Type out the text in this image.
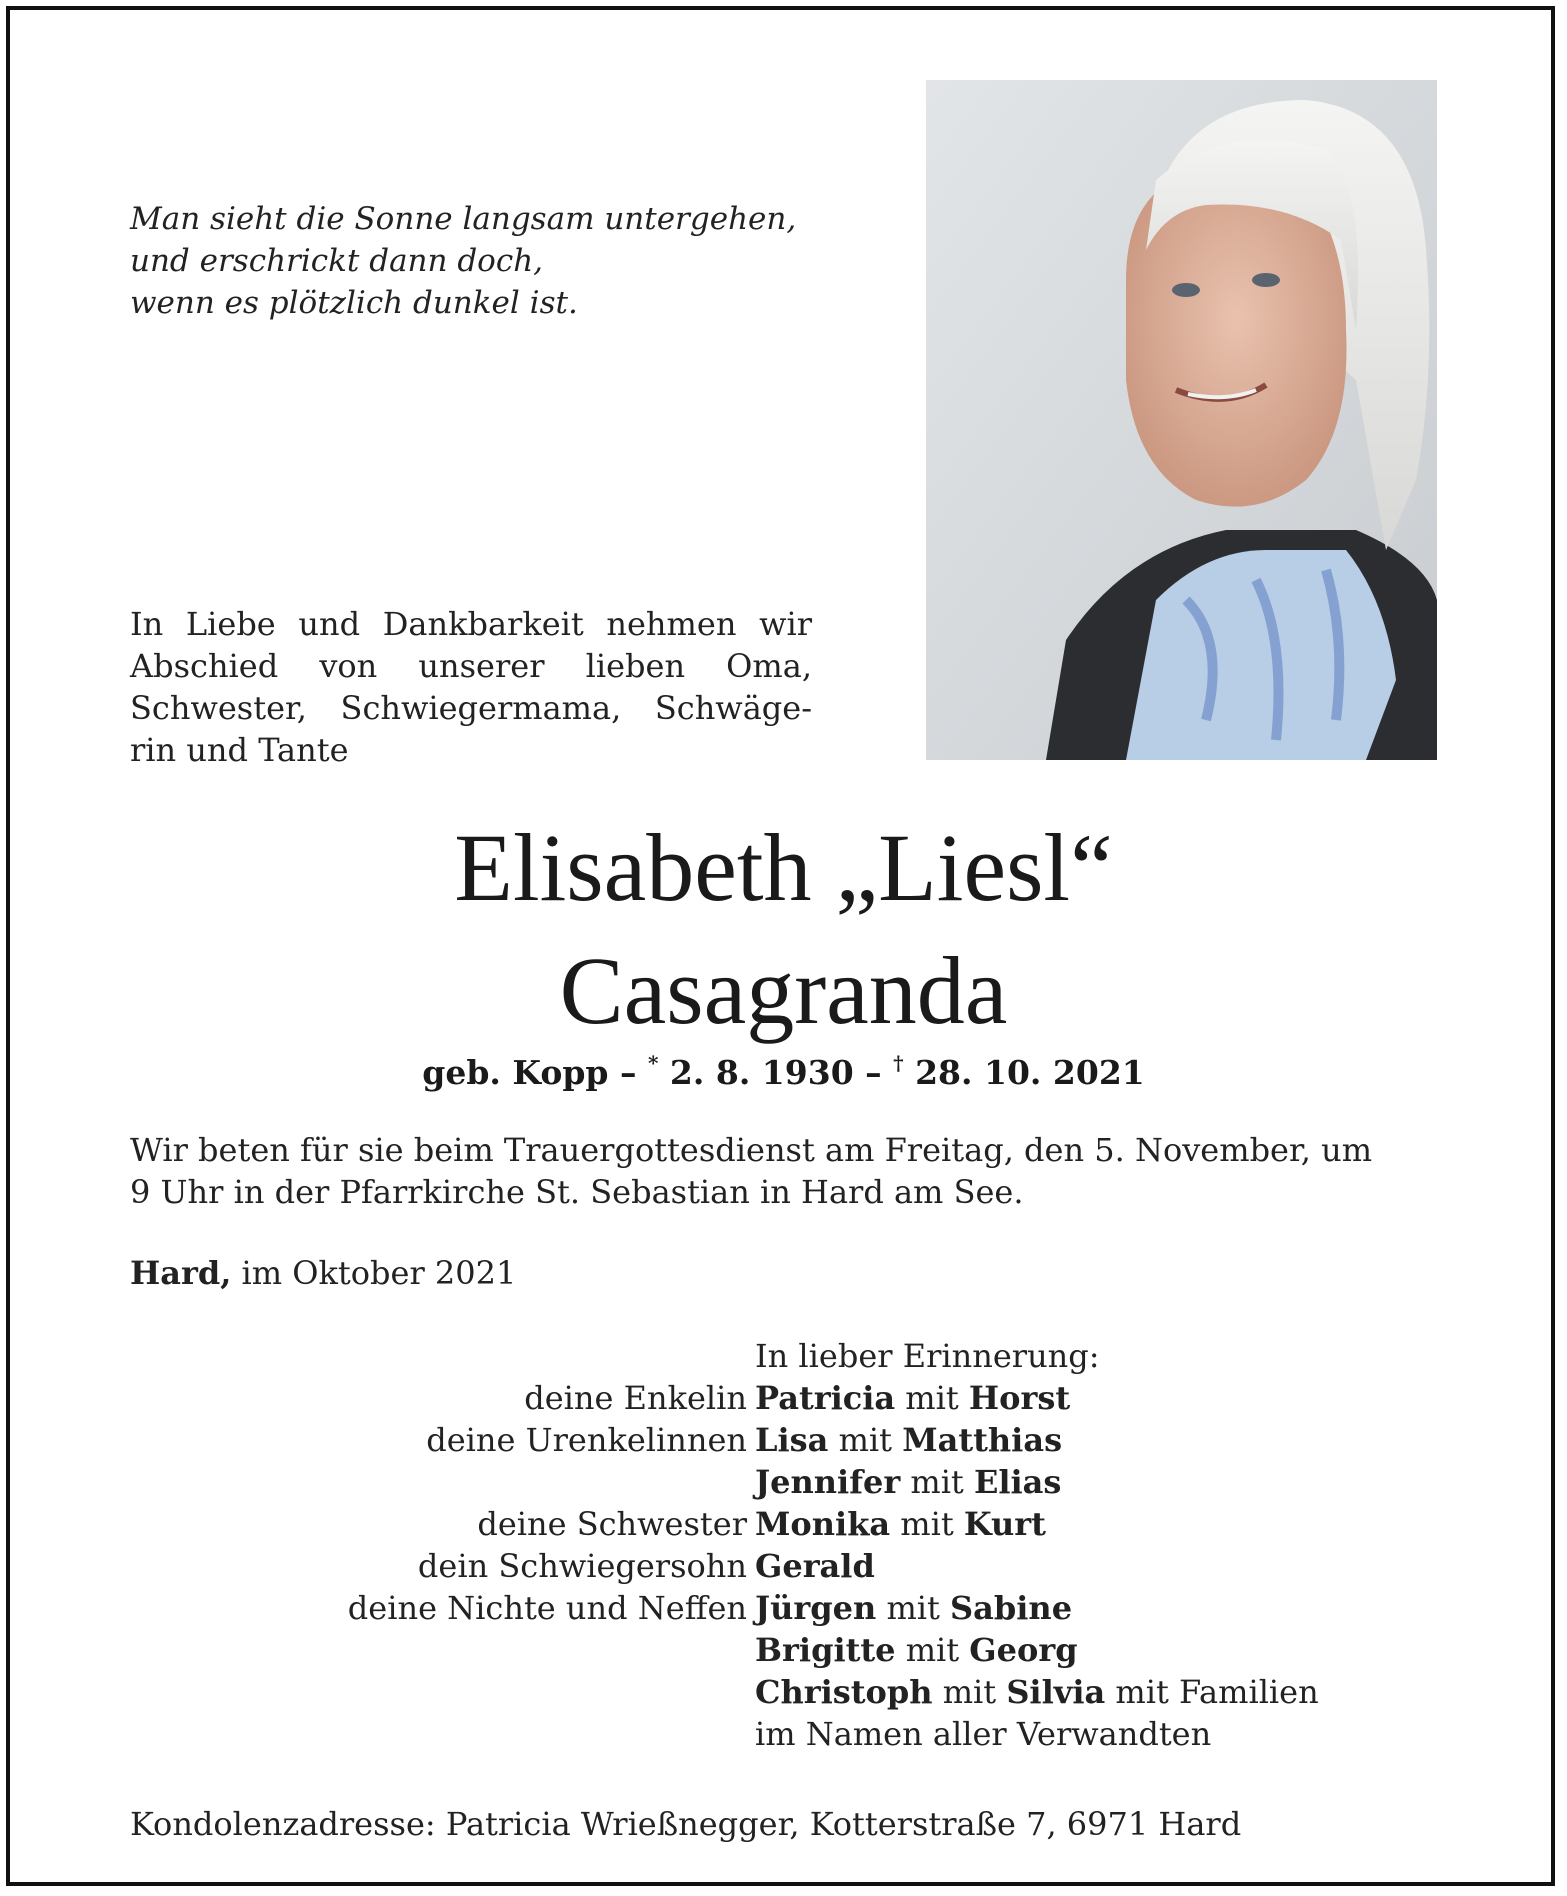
Man sieht die Sonne langsam untergehen,
und erschrickt dann doch,
wenn es plötzlich dunkel ist.
In Liebe und Dankbarkeit nehmen wir
Abschied von unserer lieben Oma,
Schwester, Schwiegermama, Schwäge-
rin und Tante
Elisabeth „Liesl“
Casagranda
geb. Kopp – * 2. 8. 1930 – † 28. 10. 2021
Wir beten für sie beim Trauergottesdienst am Freitag, den 5. November, um
9 Uhr in der Pfarrkirche St. Sebastian in Hard am See.
Hard, im Oktober 2021
In lieber Erinnerung:
deine Enkelin Patricia mit Horst
deine Urenkelinnen Lisa mit Matthias
Jennifer mit Elias
deine Schwester Monika mit Kurt
dein Schwiegersohn Gerald
deine Nichte und Neffen Jürgen mit Sabine
Brigitte mit Georg
Christoph mit Silvia mit Familien
im Namen aller Verwandten
Kondolenzadresse: Patricia Wrießnegger, Kotterstraße 7, 6971 Hard
